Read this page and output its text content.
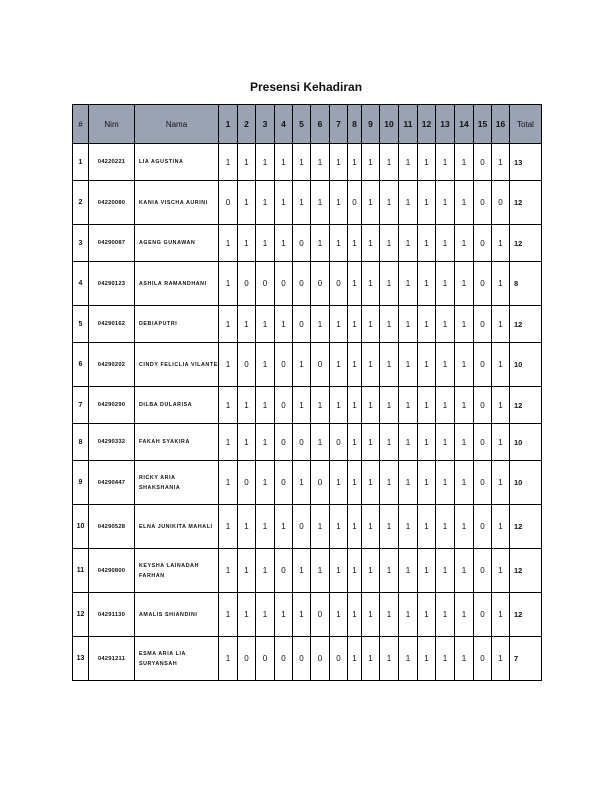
Presensi Kehadiran
#	Nim	Nama	1	2	3	4	5	6	7	8	9	10	11	12	13	14	15	16	Total
1	04220221	LIA AGUSTINA	1	1	1	1	1	1	1	1	1	1	1	1	1	1	0	1	13
2	04220080	KANIA VISCHA AURINI	0	1	1	1	1	1	1	0	1	1	1	1	1	1	0	0	12
3	04290087	AGENG GUNAWAN	1	1	1	1	0	1	1	1	1	1	1	1	1	1	0	1	12
4	04290123	ASHILA RAMANDHANI	1	0	0	0	0	0	0	1	1	1	1	1	1	1	0	1	8
5	04290162	DEBIAPUTRI	1	1	1	1	0	1	1	1	1	1	1	1	1	1	0	1	12
6	04290202	CINDY FELICLIA VILANTE	1	0	1	0	1	0	1	1	1	1	1	1	1	1	0	1	10
7	04290290	DILBA DULARISA	1	1	1	0	1	1	1	1	1	1	1	1	1	1	0	1	12
8	04290332	FAKAH SYAKIRA	1	1	1	0	0	1	0	1	1	1	1	1	1	1	0	1	10
9	04290447	RICKY ARIA SHAKSHANIA	1	0	1	0	1	0	1	1	1	1	1	1	1	1	0	1	10
10	04290528	ELNA JUNIKITA MAHALI	1	1	1	1	0	1	1	1	1	1	1	1	1	1	0	1	12
11	04290800	KEYSHA LAINADAH FARHAN	1	1	1	0	1	1	1	1	1	1	1	1	1	1	0	1	12
12	04291130	AMALIS SHIANDINI	1	1	1	1	1	0	1	1	1	1	1	1	1	1	0	1	12
13	04291211	ESMA ARIA LIA SURYANSAH	1	0	0	0	0	0	0	1	1	1	1	1	1	1	0	1	7
